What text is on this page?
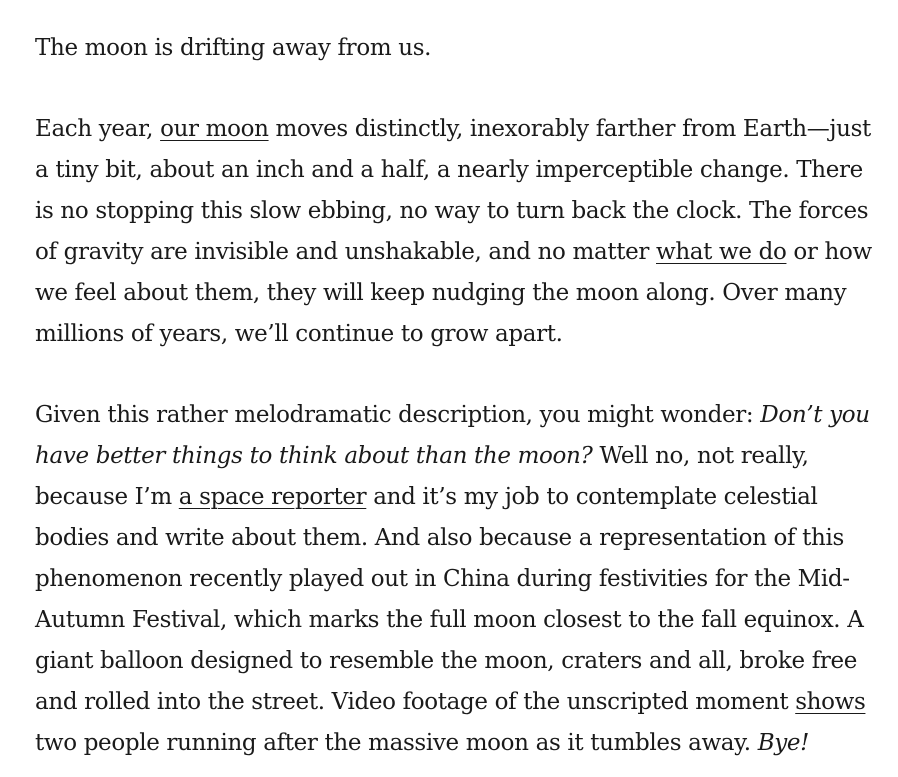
The moon is drifting away from us.

Each year, our moon moves distinctly, inexorably farther from Earth—just a tiny bit, about an inch and a half, a nearly imperceptible change. There is no stopping this slow ebbing, no way to turn back the clock. The forces of gravity are invisible and unshakable, and no matter what we do or how we feel about them, they will keep nudging the moon along. Over many millions of years, we’ll continue to grow apart.

Given this rather melodramatic description, you might wonder: Don’t you have better things to think about than the moon? Well no, not really, because I’m a space reporter and it’s my job to contemplate celestial bodies and write about them. And also because a representation of this phenomenon recently played out in China during festivities for the Mid-Autumn Festival, which marks the full moon closest to the fall equinox. A giant balloon designed to resemble the moon, craters and all, broke free and rolled into the street. Video footage of the unscripted moment shows two people running after the massive moon as it tumbles away. Bye!
